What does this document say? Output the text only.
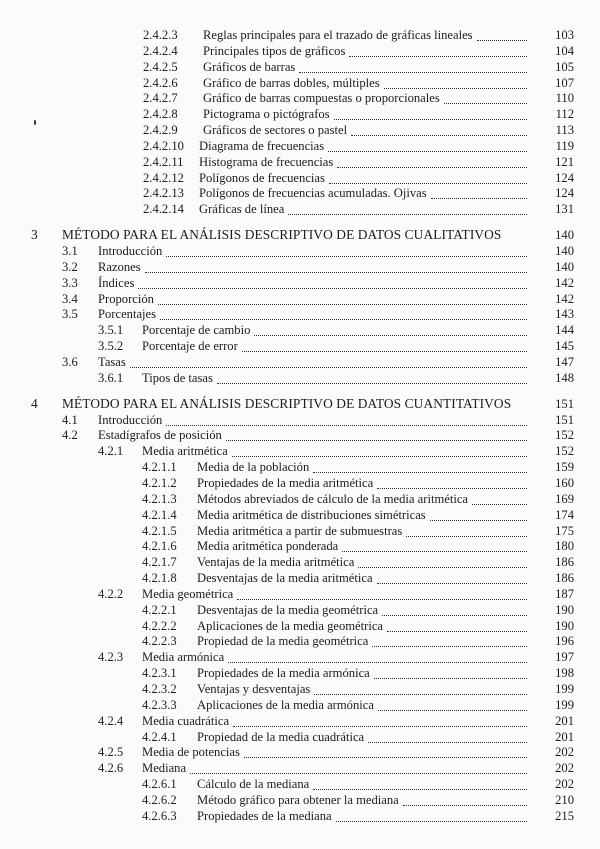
2.4.2.3 Reglas principales para el trazado de gráficas lineales	103
2.4.2.4 Principales tipos de gráficos	104
2.4.2.5 Gráficos de barras	105
2.4.2.6 Gráfico de barras dobles, múltiples	107
2.4.2.7 Gráfico de barras compuestas o proporcionales	110
2.4.2.8 Pictograma o pictógrafos	112
2.4.2.9 Gráficos de sectores o pastel	113
2.4.2.10 Diagrama de frecuencias	119
2.4.2.11 Histograma de frecuencias	121
2.4.2.12 Polígonos de frecuencias	124
2.4.2.13 Polígonos de frecuencias acumuladas. Ojivas	124
2.4.2.14 Gráficas de línea	131
3 MÉTODO PARA EL ANÁLISIS DESCRIPTIVO DE DATOS CUALITATIVOS	140
3.1 Introducción	140
3.2 Razones	140
3.3 Índices	142
3.4 Proporción	142
3.5 Porcentajes	143
3.5.1 Porcentaje de cambio	144
3.5.2 Porcentaje de error	145
3.6 Tasas	147
3.6.1 Tipos de tasas	148
4 MÉTODO PARA EL ANÁLISIS DESCRIPTIVO DE DATOS CUANTITATIVOS	151
4.1 Introducción	151
4.2 Estadígrafos de posición	152
4.2.1 Media aritmética	152
4.2.1.1 Media de la población	159
4.2.1.2 Propiedades de la media aritmética	160
4.2.1.3 Métodos abreviados de cálculo de la media aritmética	169
4.2.1.4 Media aritmética de distribuciones simétricas	174
4.2.1.5 Media aritmética a partir de submuestras	175
4.2.1.6 Media aritmética ponderada	180
4.2.1.7 Ventajas de la media aritmética	186
4.2.1.8 Desventajas de la media aritmética	186
4.2.2 Media geométrica	187
4.2.2.1 Desventajas de la media geométrica	190
4.2.2.2 Aplicaciones de la media geométrica	190
4.2.2.3 Propiedad de la media geométrica	196
4.2.3 Media armónica	197
4.2.3.1 Propiedades de la media armónica	198
4.2.3.2 Ventajas y desventajas	199
4.2.3.3 Aplicaciones de la media armónica	199
4.2.4 Media cuadrática	201
4.2.4.1 Propiedad de la media cuadrática	201
4.2.5 Media de potencias	202
4.2.6 Mediana	202
4.2.6.1 Cálculo de la mediana	202
4.2.6.2 Método gráfico para obtener la mediana	210
4.2.6.3 Propiedades de la mediana	215
